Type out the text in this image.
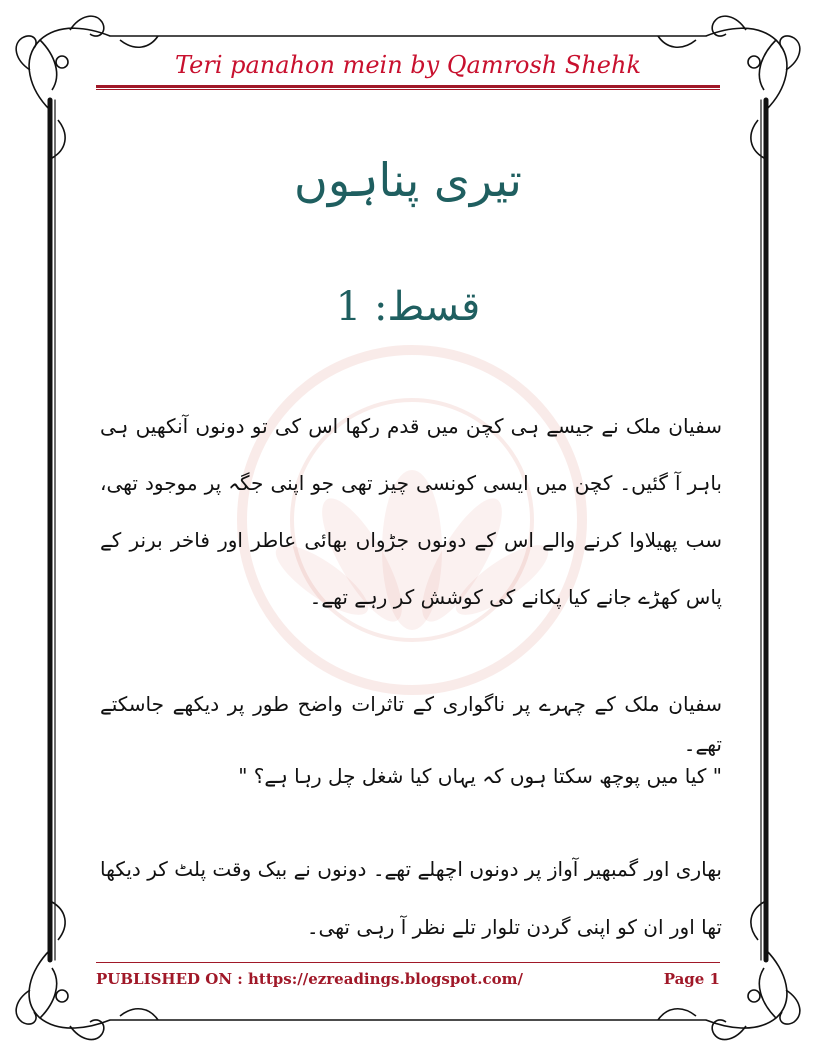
Teri panahon mein by Qamrosh Shehk
تیری پناہوں
قسط: 1

سفیان ملک نے جیسے ہی کچن میں قدم رکھا اس کی تو دونوں آنکھیں ہی باہر آ گئیں۔ کچن میں ایسی کونسی چیز تھی جو اپنی جگہ پر موجود تھی، سب پھیلاوا کرنے والے اس کے دونوں جڑواں بھائی عاطر اور فاخر برنر کے پاس کھڑے جانے کیا پکانے کی کوشش کر رہے تھے۔

سفیان ملک کے چہرے پر ناگواری کے تاثرات واضح طور پر دیکھے جاسکتے تھے۔

" کیا میں پوچھ سکتا ہوں کہ یہاں کیا شغل چل رہا ہے؟ "

بھاری اور گمبھیر آواز پر دونوں اچھلے تھے۔ دونوں نے بیک وقت پلٹ کر دیکھا تھا اور ان کو اپنی گردن تلوار تلے نظر آ رہی تھی۔

PUBLISHED ON : https://ezreadings.blogspot.com/	Page 1
